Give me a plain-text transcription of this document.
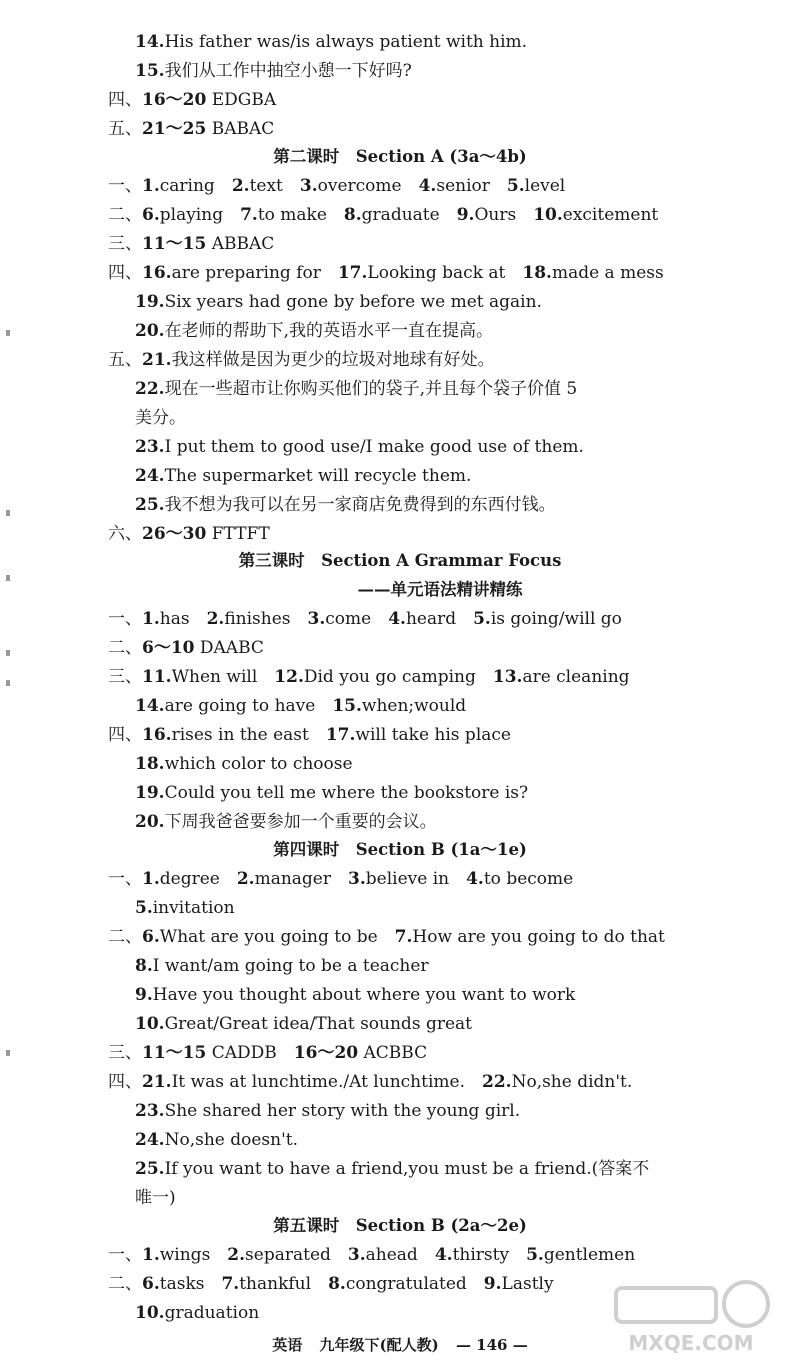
14.His father was/is always patient with him.
15.我们从工作中抽空小憩一下好吗?
四、16～20 EDGBA
五、21～25 BABAC
一、1.caring  2.text  3.overcome  4.senior  5.level
二、6.playing  7.to make  8.graduate  9.Ours  10.excitement
三、11～15 ABBAC
四、16.are preparing for  17.Looking back at  18.made a mess
19.Six years had gone by before we met again.
20.在老师的帮助下,我的英语水平一直在提高。
五、21.我这样做是因为更少的垃圾对地球有好处。
22.现在一些超市让你购买他们的袋子,并且每个袋子价值 5
美分。
23.I put them to good use/I make good use of them.
24.The supermarket will recycle them.
25.我不想为我可以在另一家商店免费得到的东西付钱。
六、26～30 FTTFT
一、1.has  2.finishes  3.come  4.heard  5.is going/will go
二、6～10 DAABC
三、11.When will  12.Did you go camping  13.are cleaning
14.are going to have  15.when;would
四、16.rises in the east  17.will take his place
18.which color to choose
19.Could you tell me where the bookstore is?
20.下周我爸爸要参加一个重要的会议。
一、1.degree  2.manager  3.believe in  4.to become
5.invitation
二、6.What are you going to be  7.How are you going to do that
8.I want/am going to be a teacher
9.Have you thought about where you want to work
10.Great/Great idea/That sounds great
三、11～15 CADDB  16～20 ACBBC
四、21.It was at lunchtime./At lunchtime.  22.No,she didn't.
23.She shared her story with the young girl.
24.No,she doesn't.
25.If you want to have a friend,you must be a friend.(答案不
唯一)
一、1.wings  2.separated  3.ahead  4.thirsty  5.gentlemen
二、6.tasks  7.thankful  8.congratulated  9.Lastly
10.graduation
第二课时　Section A (3a～4b)
第三课时　Section A Grammar Focus
——单元语法精讲精练
第四课时　Section B (1a～1e)
第五课时　Section B (2a～2e)
英语 九年级下(配人教) — 146 —	MXQE.COM
